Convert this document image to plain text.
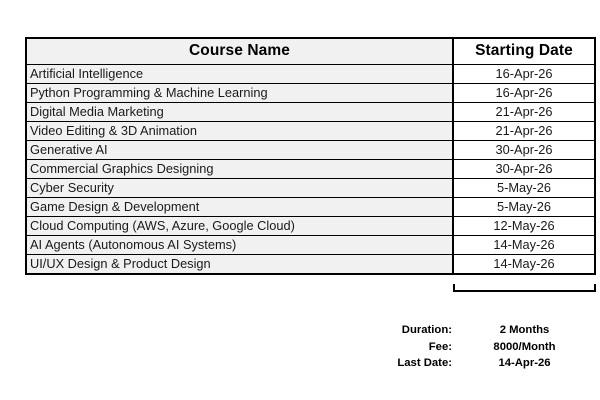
Course Name	Starting Date
Artificial Intelligence	16-Apr-26
Python Programming & Machine Learning	16-Apr-26
Digital Media Marketing	21-Apr-26
Video Editing & 3D Animation	21-Apr-26
Generative AI	30-Apr-26
Commercial Graphics Designing	30-Apr-26
Cyber Security	5-May-26
Game Design & Development	5-May-26
Cloud Computing (AWS, Azure, Google Cloud)	12-May-26
AI Agents (Autonomous AI Systems)	14-May-26
UI/UX Design & Product Design	14-May-26
Duration:	2 Months
Fee:	8000/Month
Last Date:	14-Apr-26
